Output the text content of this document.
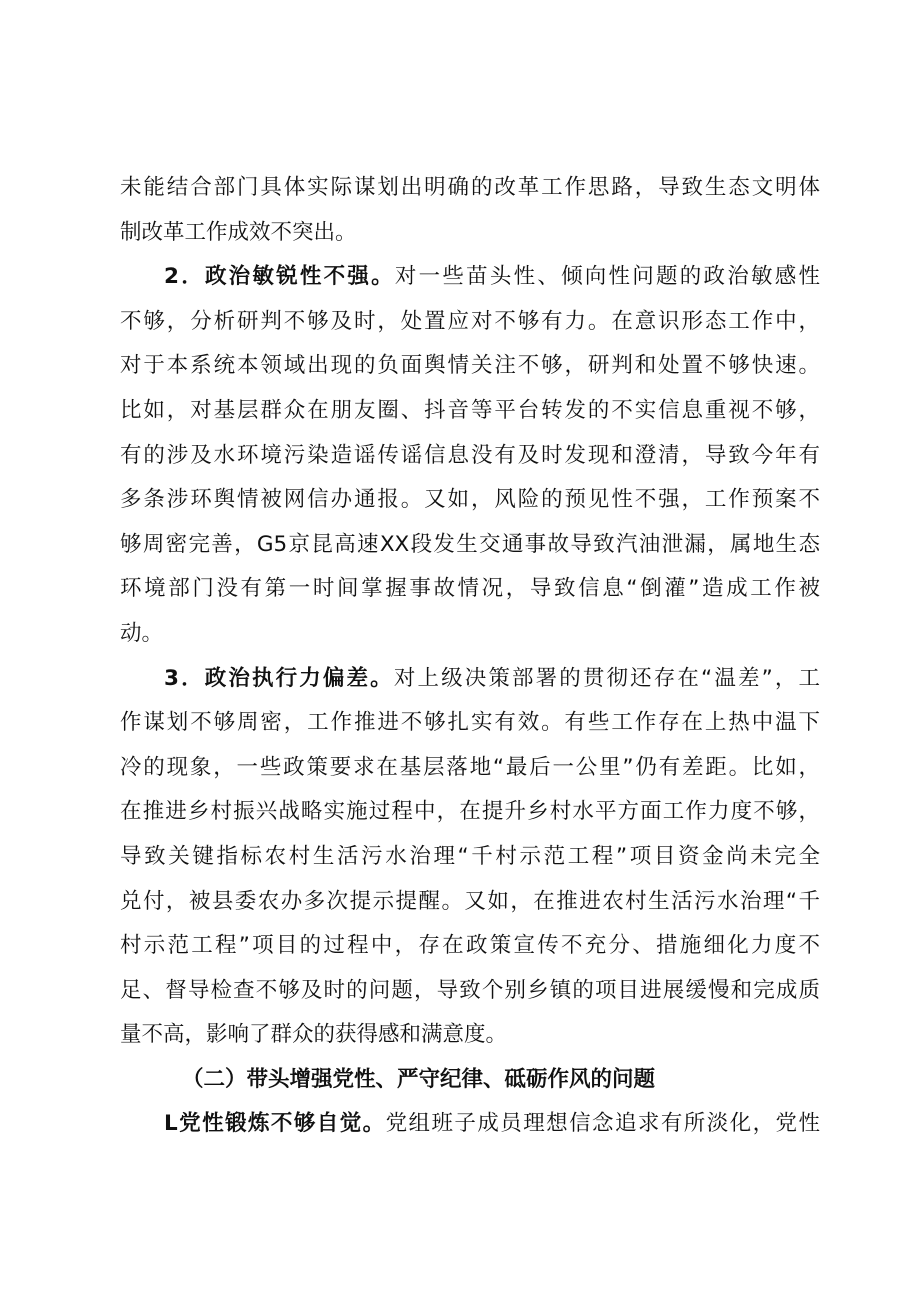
未能结合部门具体实际谋划出明确的改革工作思路，导致生态文明体
制改革工作成效不突出。
2．政治敏锐性不强。对一些苗头性、倾向性问题的政治敏感性
不够，分析研判不够及时，处置应对不够有力。在意识形态工作中，
对于本系统本领域出现的负面舆情关注不够，研判和处置不够快速。
比如，对基层群众在朋友圈、抖音等平台转发的不实信息重视不够，
有的涉及水环境污染造谣传谣信息没有及时发现和澄清，导致今年有
多条涉环舆情被网信办通报。又如，风险的预见性不强，工作预案不
够周密完善，G5京昆高速XX段发生交通事故导致汽油泄漏，属地生态
环境部门没有第一时间掌握事故情况，导致信息“倒灌”造成工作被
动。
3．政治执行力偏差。对上级决策部署的贯彻还存在“温差”，工
作谋划不够周密，工作推进不够扎实有效。有些工作存在上热中温下
冷的现象，一些政策要求在基层落地“最后一公里”仍有差距。比如，
在推进乡村振兴战略实施过程中，在提升乡村水平方面工作力度不够，
导致关键指标农村生活污水治理“千村示范工程”项目资金尚未完全
兑付，被县委农办多次提示提醒。又如，在推进农村生活污水治理“千
村示范工程”项目的过程中，存在政策宣传不充分、措施细化力度不
足、督导检查不够及时的问题，导致个别乡镇的项目进展缓慢和完成质
量不高，影响了群众的获得感和满意度。
（二）带头增强党性、严守纪律、砥砺作风的问题
L党性锻炼不够自觉。党组班子成员理想信念追求有所淡化，党性
